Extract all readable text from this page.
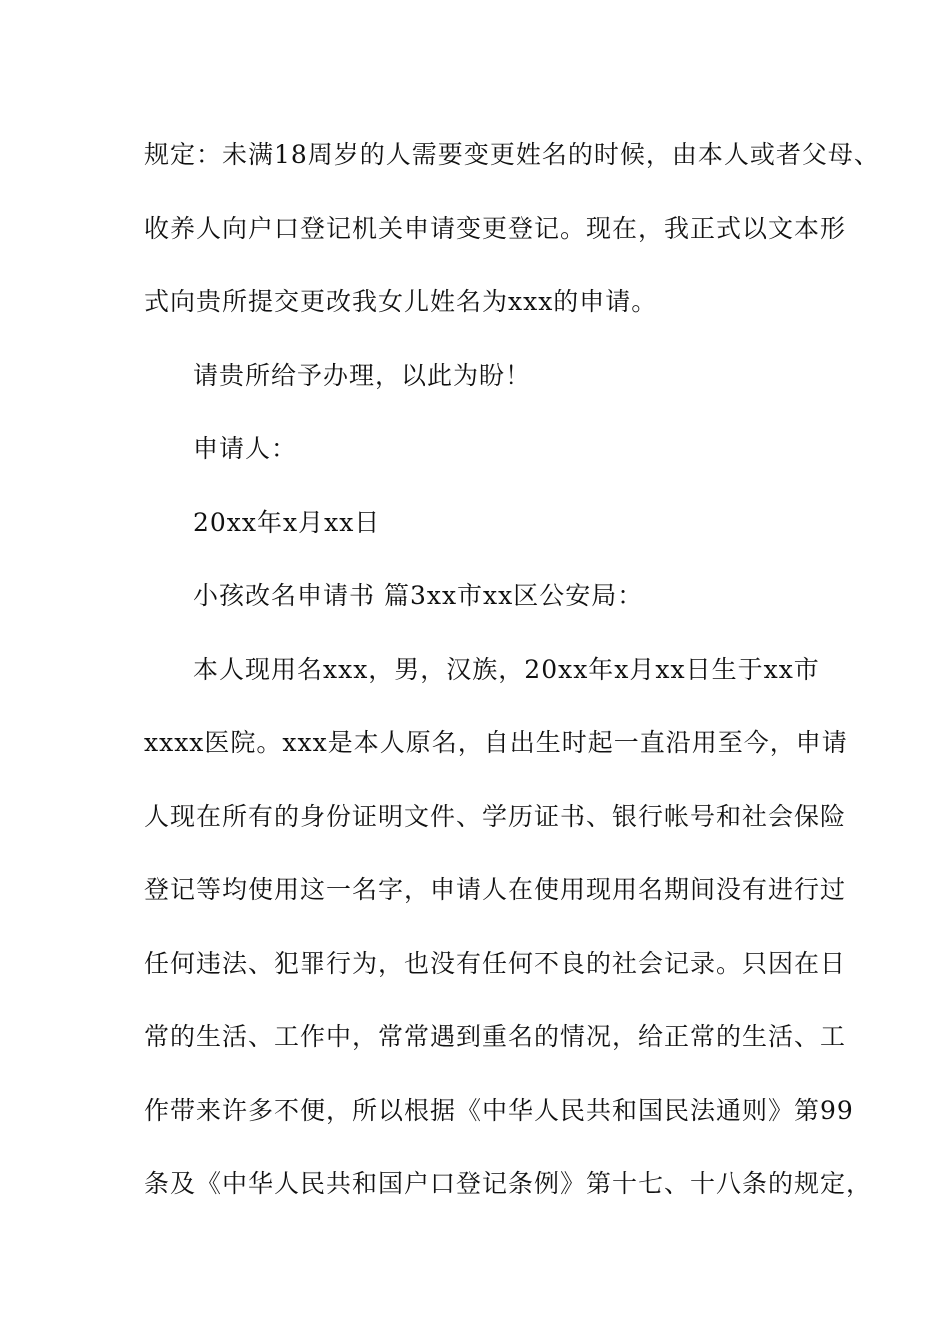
规定：未满18周岁的人需要变更姓名的时候，由本人或者父母、
收养人向户口登记机关申请变更登记。现在，我正式以文本形
式向贵所提交更改我女儿姓名为xxx的申请。
请贵所给予办理，以此为盼！
申请人：
20xx年x月xx日
小孩改名申请书 篇3xx市xx区公安局：
本人现用名xxx，男，汉族，20xx年x月xx日生于xx市
xxxx医院。xxx是本人原名，自出生时起一直沿用至今，申请
人现在所有的身份证明文件、学历证书、银行帐号和社会保险
登记等均使用这一名字，申请人在使用现用名期间没有进行过
任何违法、犯罪行为，也没有任何不良的社会记录。只因在日
常的生活、工作中，常常遇到重名的情况，给正常的生活、工
作带来许多不便，所以根据《中华人民共和国民法通则》第99
条及《中华人民共和国户口登记条例》第十七、十八条的规定，
